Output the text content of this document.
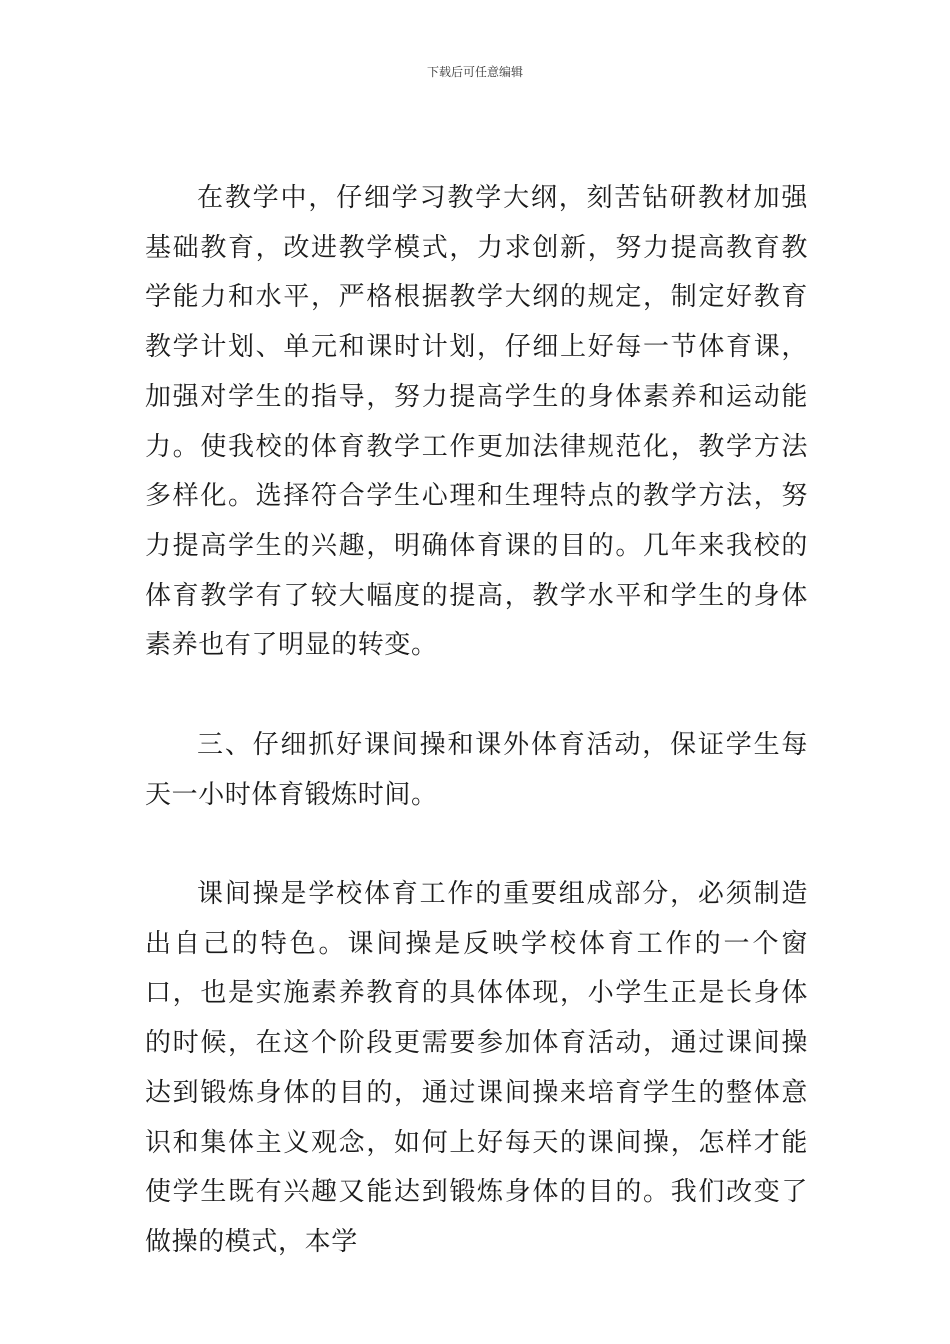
下载后可任意编辑

在教学中，仔细学习教学大纲，刻苦钻研教材加强基础教育，改进教学模式，力求创新，努力提高教育教学能力和水平，严格根据教学大纲的规定，制定好教育教学计划、单元和课时计划，仔细上好每一节体育课，加强对学生的指导，努力提高学生的身体素养和运动能力。使我校的体育教学工作更加法律规范化，教学方法多样化。选择符合学生心理和生理特点的教学方法，努力提高学生的兴趣，明确体育课的目的。几年来我校的体育教学有了较大幅度的提高，教学水平和学生的身体素养也有了明显的转变。

三、仔细抓好课间操和课外体育活动，保证学生每天一小时体育锻炼时间。

课间操是学校体育工作的重要组成部分，必须制造出自己的特色。课间操是反映学校体育工作的一个窗口，也是实施素养教育的具体体现，小学生正是长身体的时候，在这个阶段更需要参加体育活动，通过课间操达到锻炼身体的目的，通过课间操来培育学生的整体意识和集体主义观念，如何上好每天的课间操，怎样才能使学生既有兴趣又能达到锻炼身体的目的。我们改变了做操的模式，本学
